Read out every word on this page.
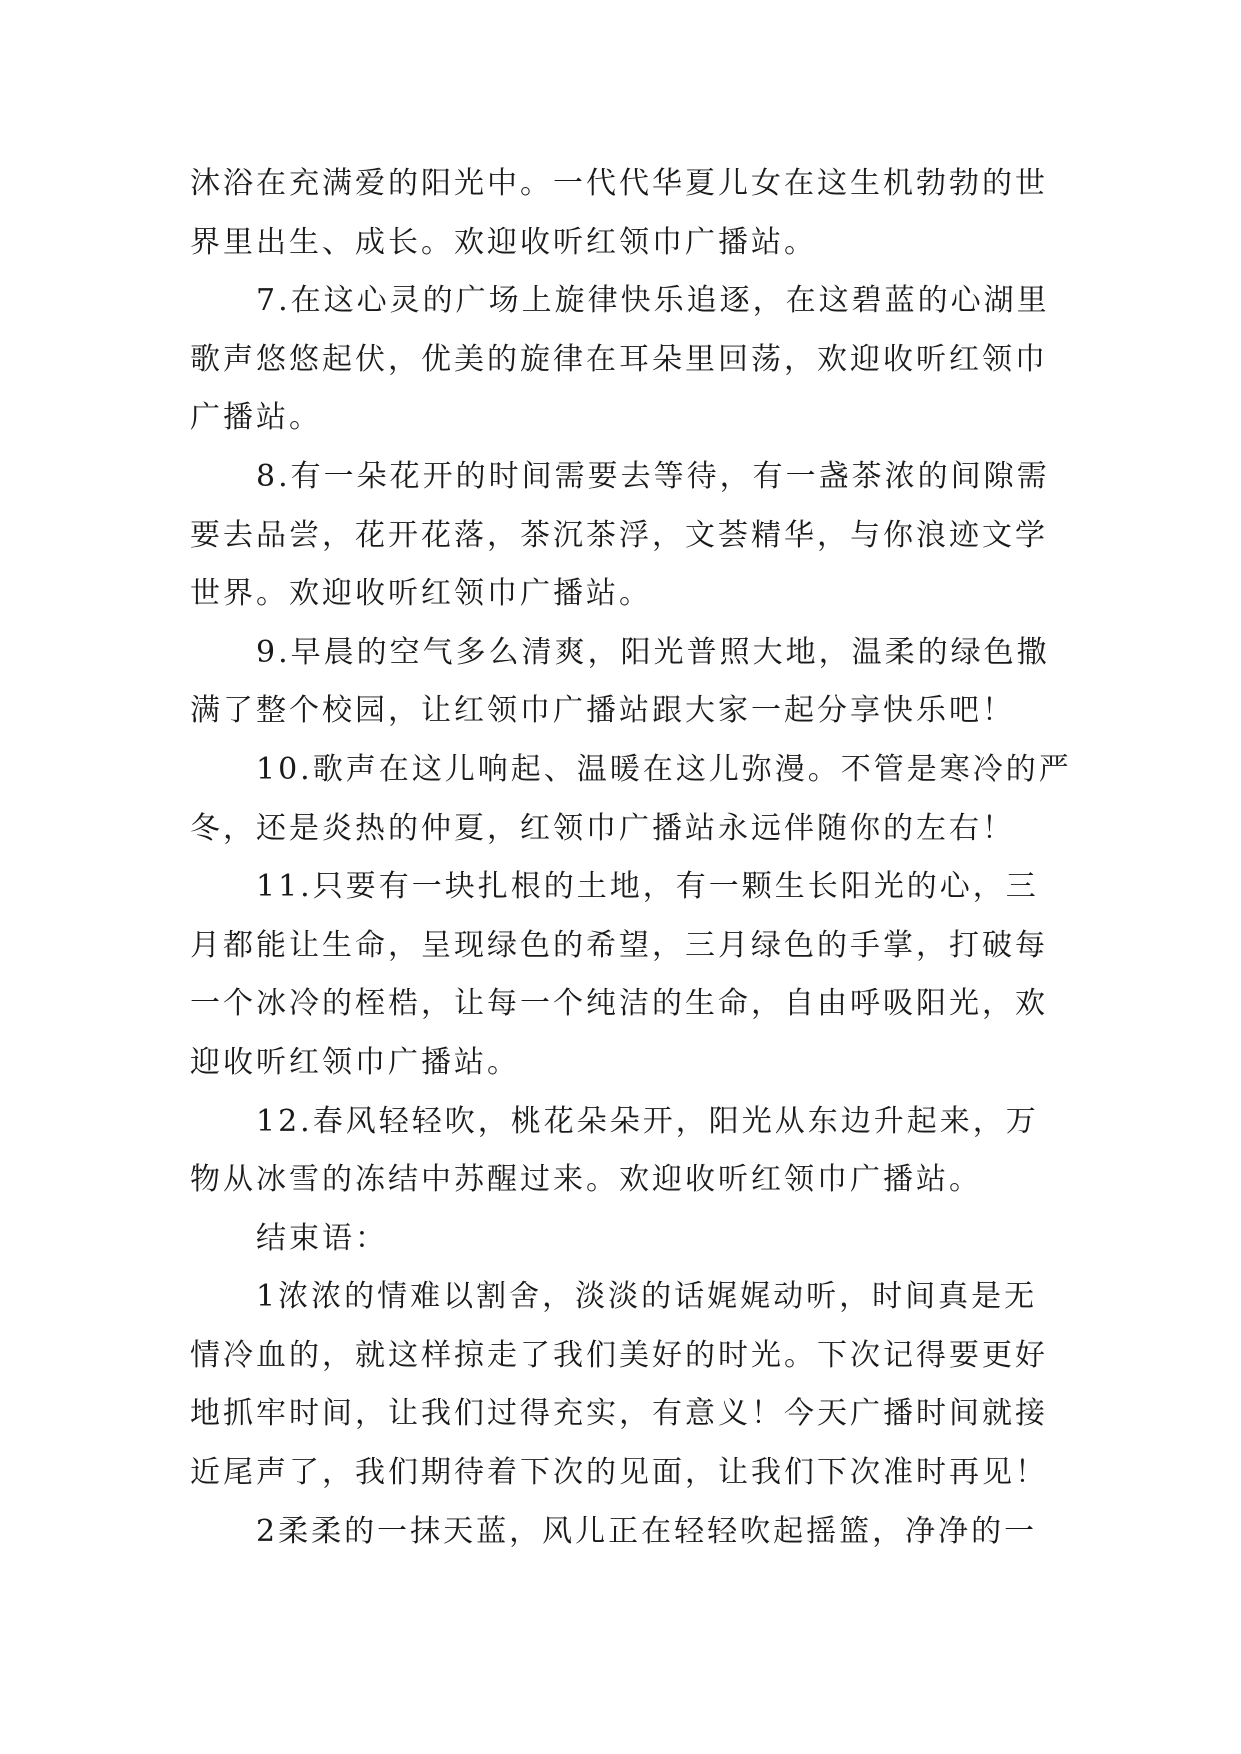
沐浴在充满爱的阳光中。一代代华夏儿女在这生机勃勃的世
界里出生、成长。欢迎收听红领巾广播站。
7.在这心灵的广场上旋律快乐追逐，在这碧蓝的心湖里
歌声悠悠起伏，优美的旋律在耳朵里回荡，欢迎收听红领巾
广播站。
8.有一朵花开的时间需要去等待，有一盏茶浓的间隙需
要去品尝，花开花落，茶沉茶浮，文荟精华，与你浪迹文学
世界。欢迎收听红领巾广播站。
9.早晨的空气多么清爽，阳光普照大地，温柔的绿色撒
满了整个校园，让红领巾广播站跟大家一起分享快乐吧！
10.歌声在这儿响起、温暖在这儿弥漫。不管是寒冷的严
冬，还是炎热的仲夏，红领巾广播站永远伴随你的左右！
11.只要有一块扎根的土地，有一颗生长阳光的心，三
月都能让生命，呈现绿色的希望，三月绿色的手掌，打破每
一个冰冷的桎梏，让每一个纯洁的生命，自由呼吸阳光，欢
迎收听红领巾广播站。
12.春风轻轻吹，桃花朵朵开，阳光从东边升起来，万
物从冰雪的冻结中苏醒过来。欢迎收听红领巾广播站。
结束语：
1浓浓的情难以割舍，淡淡的话娓娓动听，时间真是无
情冷血的，就这样掠走了我们美好的时光。下次记得要更好
地抓牢时间，让我们过得充实，有意义！今天广播时间就接
近尾声了，我们期待着下次的见面，让我们下次准时再见！
2柔柔的一抹天蓝，风儿正在轻轻吹起摇篮，净净的一
